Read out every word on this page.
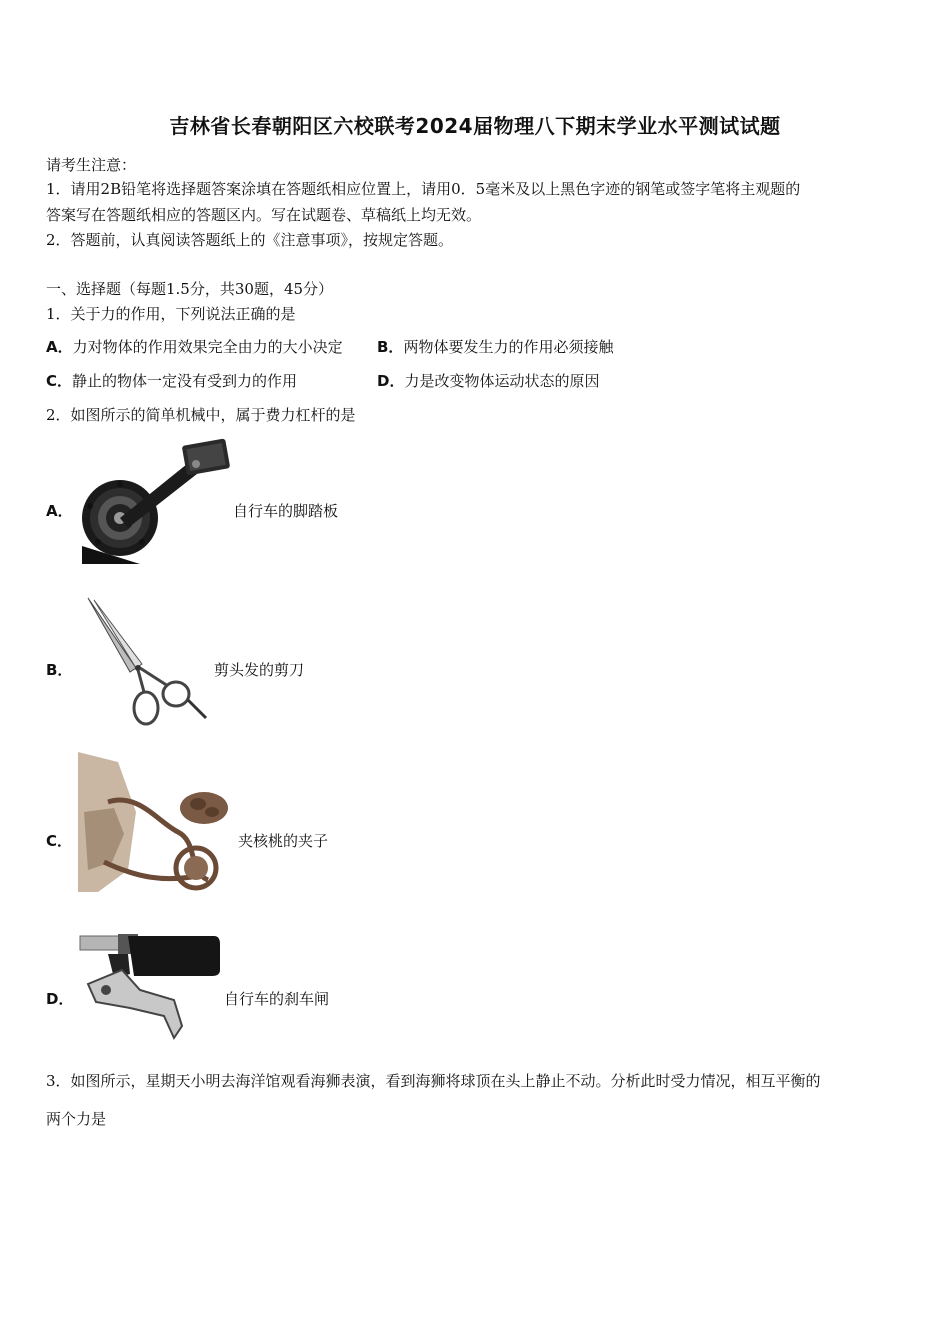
吉林省长春朝阳区六校联考2024届物理八下期末学业水平测试试题
请考生注意：
1．请用2B铅笔将选择题答案涂填在答题纸相应位置上，请用0．5毫米及以上黑色字迹的钢笔或签字笔将主观题的
答案写在答题纸相应的答题区内。写在试题卷、草稿纸上均无效。
2．答题前，认真阅读答题纸上的《注意事项》，按规定答题。
一、选择题（每题1.5分，共30题，45分）
1．关于力的作用，下列说法正确的是
A．力对物体的作用效果完全由力的大小决定 B．两物体要发生力的作用必须接触
C．静止的物体一定没有受到力的作用	D．力是改变物体运动状态的原因
2．如图所示的简单机械中，属于费力杠杆的是
A．	自行车的脚踏板
B．	剪头发的剪刀
C．	夹核桃的夹子
D．	自行车的刹车闸
3．如图所示，星期天小明去海洋馆观看海狮表演，看到海狮将球顶在头上静止不动。分析此时受力情况，相互平衡的
两个力是
